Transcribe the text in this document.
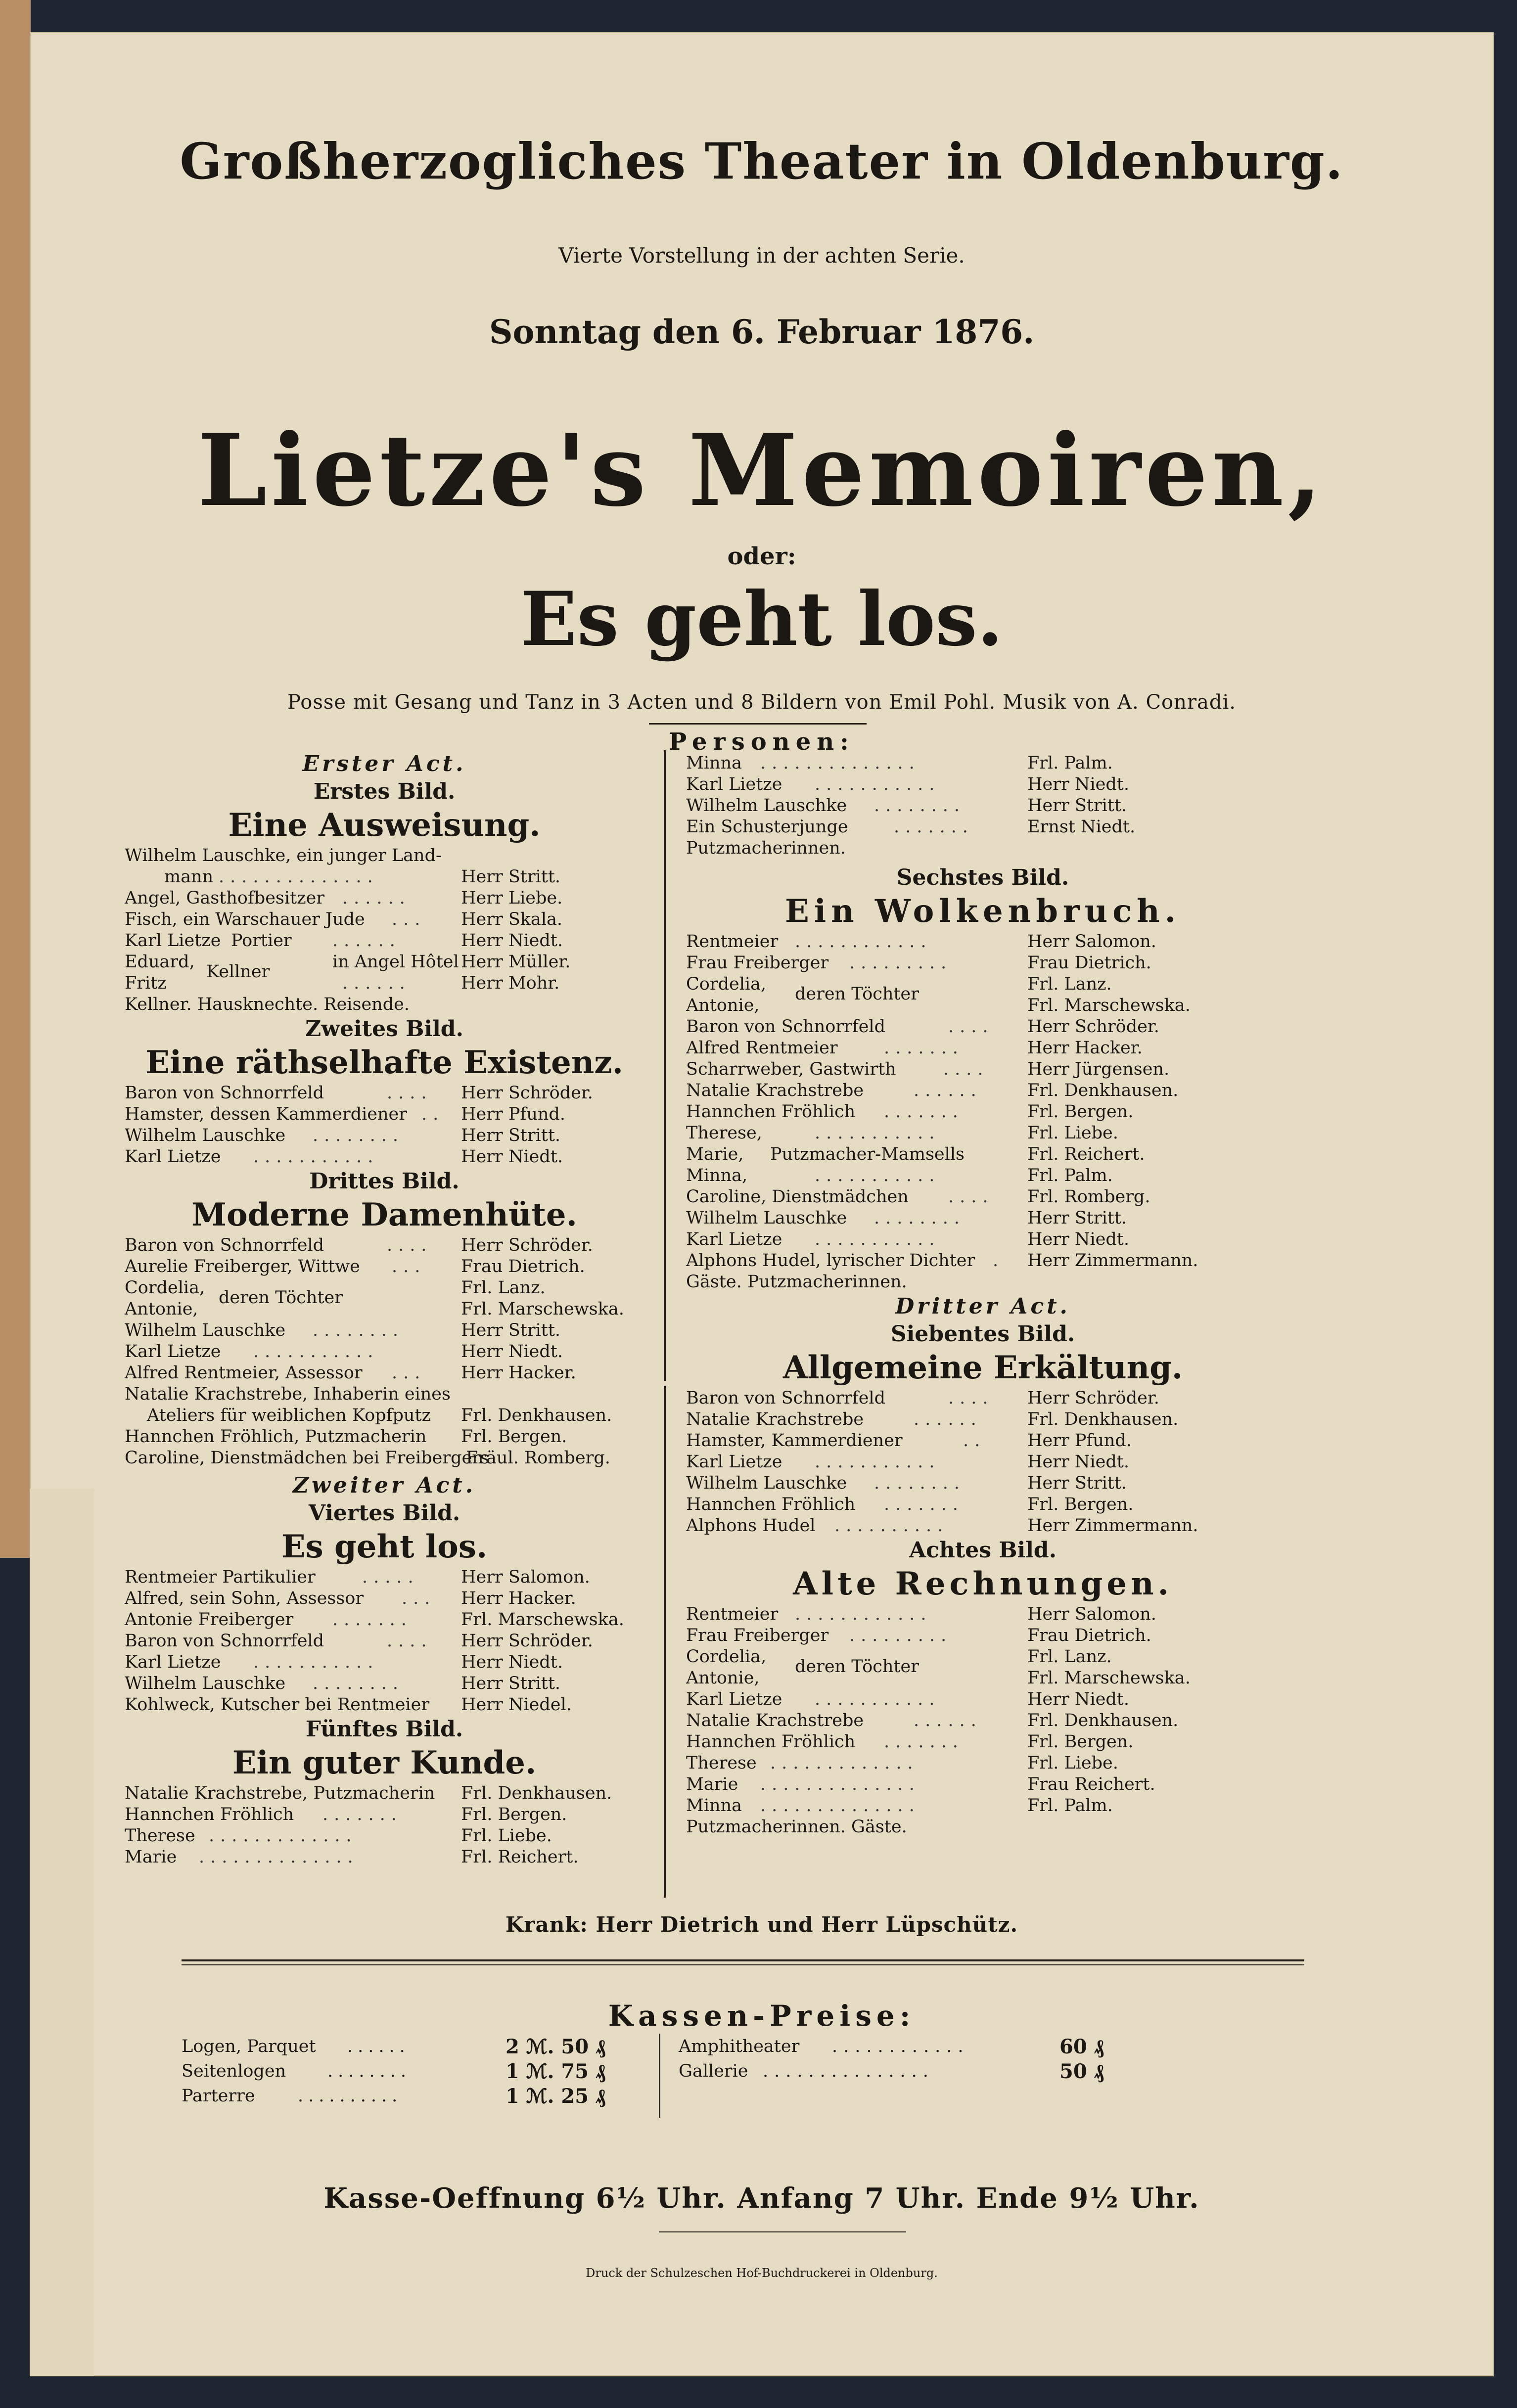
Großherzogliches Theater in Oldenburg.
Vierte Vorstellung in der achten Serie.
Sonntag den 6. Februar 1876.
Lietze's Memoiren,
oder:
Es geht los.
Posse mit Gesang und Tanz in 3 Acten und 8 Bildern von Emil Pohl. Musik von A. Conradi.
Personen:
Erster Act.
Erstes Bild.
Eine Ausweisung.
Wilhelm Lauschke, ein junger Land-
mann ..............	Herr Stritt.
Angel, Gasthofbesitzer ......	Herr Liebe.
Fisch, ein Warschauer Jude ...	Herr Skala.
Karl Lietze Portier ......	Herr Niedt.
Eduard, Kellner	in Angel Hôtel Herr Müller.
Fritz	......	Herr Mohr.
Kellner. Hausknechte. Reisende.
Zweites Bild.
Eine räthselhafte Existenz.
Baron von Schnorrfeld	....	Herr Schröder.
Hamster, dessen Kammerdiener .. Herr Pfund.
Wilhelm Lauschke ........	Herr Stritt.
Karl Lietze ...........	Herr Niedt.
Drittes Bild.
Moderne Damenhüte.
Baron von Schnorrfeld	....	Herr Schröder.
Aurelie Freiberger, Wittwe ...	Frau Dietrich.
Cordelia, deren Töchter	Frl. Lanz.
Antonie,	Frl. Marschewska.
Wilhelm Lauschke ........	Herr Stritt.
Karl Lietze ...........	Herr Niedt.
Alfred Rentmeier, Assessor ...	Herr Hacker.
Natalie Krachstrebe, Inhaberin eines
Ateliers für weiblichen Kopfputz Frl. Denkhausen.
Hannchen Fröhlich, Putzmacherin Frl. Bergen.
Caroline, Dienstmädchen bei Freibergers
Fräul. Romberg.
Zweiter Act.
Viertes Bild.
Es geht los.
Rentmeier Partikulier	.....	Herr Salomon.
Alfred, sein Sohn, Assessor ...	Herr Hacker.
Antonie Freiberger .......	Frl. Marschewska.
Baron von Schnorrfeld	....	Herr Schröder.
Karl Lietze ...........	Herr Niedt.
Wilhelm Lauschke ........	Herr Stritt.
Kohlweck, Kutscher bei Rentmeier Herr Niedel.
Fünftes Bild.
Ein guter Kunde.
Natalie Krachstrebe, Putzmacherin Frl. Denkhausen.
Hannchen Fröhlich .......	Frl. Bergen.
Therese .............	Frl. Liebe.
Marie ..............	Frl. Reichert.
Minna ..............	Frl. Palm.
Karl Lietze ...........	Herr Niedt.
Wilhelm Lauschke ........	Herr Stritt.
Ein Schusterjunge	.......	Ernst Niedt.
Putzmacherinnen.
Sechstes Bild.
Ein Wolkenbruch.
Rentmeier ............	Herr Salomon.
Frau Freiberger .........	Frau Dietrich.
Cordelia, deren Töchter	Frl. Lanz.
Antonie,	Frl. Marschewska.
Baron von Schnorrfeld	....	Herr Schröder.
Alfred Rentmeier	.......	Herr Hacker.
Scharrweber, Gastwirth	....	Herr Jürgensen.
Natalie Krachstrebe	......	Frl. Denkhausen.
Hannchen Fröhlich .......	Frl. Bergen.
Therese,	...........	Frl. Liebe.
Marie, Putzmacher-Mamsells	Frl. Reichert.
Minna,	...........	Frl. Palm.
Caroline, Dienstmädchen ....	Frl. Romberg.
Wilhelm Lauschke ........	Herr Stritt.
Karl Lietze ...........	Herr Niedt.
Alphons Hudel, lyrischer Dichter .	Herr Zimmermann.
Gäste. Putzmacherinnen.
Dritter Act.
Siebentes Bild.
Allgemeine Erkältung.
Baron von Schnorrfeld	....	Herr Schröder.
Natalie Krachstrebe	......	Frl. Denkhausen.
Hamster, Kammerdiener	..	Herr Pfund.
Karl Lietze ...........	Herr Niedt.
Wilhelm Lauschke ........	Herr Stritt.
Hannchen Fröhlich .......	Frl. Bergen.
Alphons Hudel ..........	Herr Zimmermann.
Achtes Bild.
Alte Rechnungen.
Rentmeier ............	Herr Salomon.
Frau Freiberger .........	Frau Dietrich.
Cordelia, deren Töchter	Frl. Lanz.
Antonie,	Frl. Marschewska.
Karl Lietze ...........	Herr Niedt.
Natalie Krachstrebe	......	Frl. Denkhausen.
Hannchen Fröhlich .......	Frl. Bergen.
Therese .............	Frl. Liebe.
Marie ..............	Frau Reichert.
Minna ..............	Frl. Palm.
Putzmacherinnen. Gäste.
Krank: Herr Dietrich und Herr Lüpschütz.
Kassen-Preise:
Logen, Parquet ......	2 ℳ. 50 ₰
Seitenlogen ........	1 ℳ. 75 ₰
Parterre ..........	1 ℳ. 25 ₰
Amphitheater ............	60 ₰
Gallerie ...............	50 ₰
Kasse-Oeffnung 6½ Uhr. Anfang 7 Uhr. Ende 9½ Uhr.
Druck der Schulzeschen Hof-Buchdruckerei in Oldenburg.
